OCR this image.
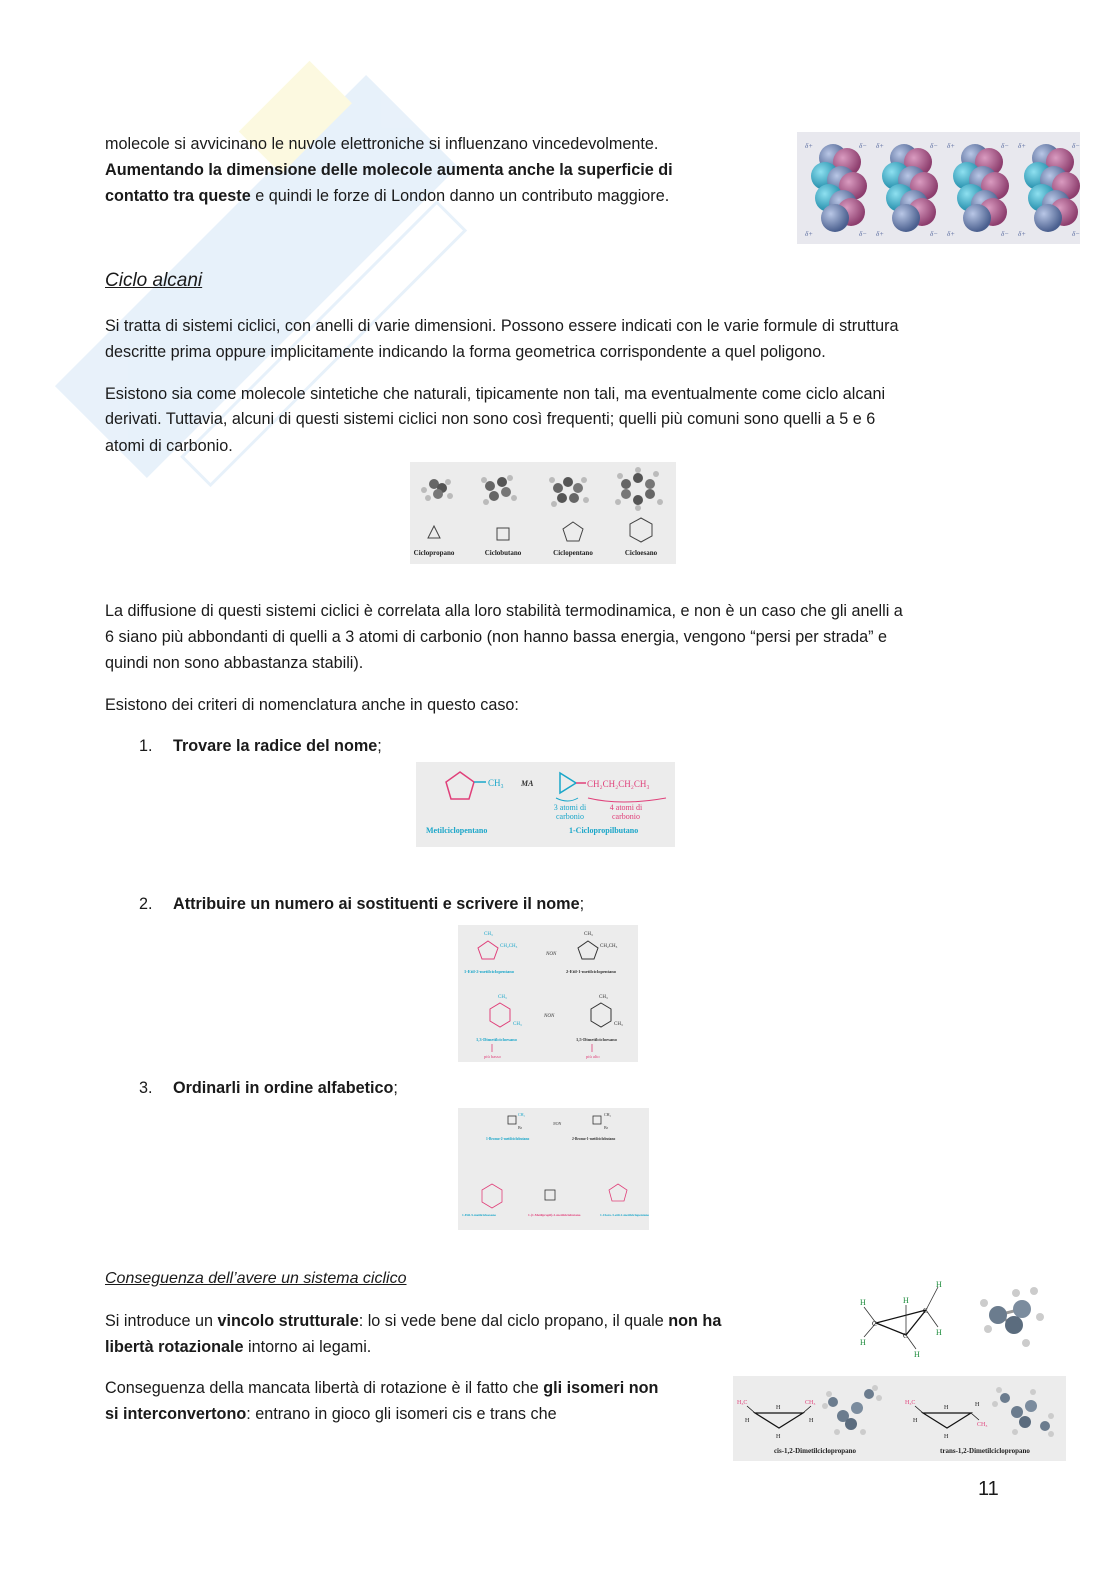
molecole si avvicinano le nuvole elettroniche si influenzano vincedevolmente.

Aumentando la dimensione delle molecole aumenta anche la superficie di

contatto tra queste e quindi le forze di London danno un contributo maggiore.

δ+	δ−
δ+	δ−
δ+	δ−
δ+	δ−
δ+	δ−
δ+	δ−
δ+	δ−
δ+	δ−

Ciclo alcani

Si tratta di sistemi ciclici, con anelli di varie dimensioni. Possono essere indicati con le varie formule di struttura

descritte prima oppure implicitamente indicando la forma geometrica corrispondente a quel poligono.

Esistono sia come molecole sintetiche che naturali, tipicamente non tali, ma eventualmente come ciclo alcani

derivati. Tuttavia, alcuni di questi sistemi ciclici non sono così frequenti; quelli più comuni sono quelli a 5 e 6

atomi di carbonio.

Ciclopropano	Ciclobutano	Ciclopentano	Cicloesano

La diffusione di questi sistemi ciclici è correlata alla loro stabilità termodinamica, e non è un caso che gli anelli a

6 siano più abbondanti di quelli a 3 atomi di carbonio (non hanno bassa energia, vengono “persi per strada” e

quindi non sono abbastanza stabili).

Esistono dei criteri di nomenclatura anche in questo caso:

1. Trovare la radice del nome;
CH₃ MA	CH₂CH₂CH₂CH₃
3 atomi di
carbonio
4 atomi di
carbonio
Metilciclopentano	1-Ciclopropilbutano
2. Attribuire un numero ai sostituenti e scrivere il nome;
CH₃
CH₂CH₃
NON
CH₃
CH₂CH₃
1-Etil-2-metilciclopentano	2-Etil-1-metilciclopentano
CH₃
CH₃
NON
CH₃
CH₃
1,3-Dimetilcicloesano	1,5-Dimetilcicloesano
più basso	più alto
3. Ordinarli in ordine alfabetico;
CH₃
Br
NON
CH₃
Br
1-Bromo-2-metilciclobutano	2-Bromo-1-metilciclobutano
1-Etil-5-metilcicloesano	1-(1-Metilpropil)-2-metilciclobutano	1-Cloro-3-etil-2-metilciclopentano

Conseguenza dell’avere un sistema ciclico

Si introduce un vincolo strutturale: lo si vede bene dal ciclo propano, il quale non ha

libertà rotazionale intorno ai legami.

H
H
H
H
H
H
C
C
C

Conseguenza della mancata libertà di rotazione è il fatto che gli isomeri non

si interconvertono: entrano in gioco gli isomeri cis e trans che

H₃C	CH₃
H	H
H
H
cis-1,2-Dimetilciclopropano
H₃C
CH₃
H
H
H
H
trans-1,2-Dimetilciclopropano
11
